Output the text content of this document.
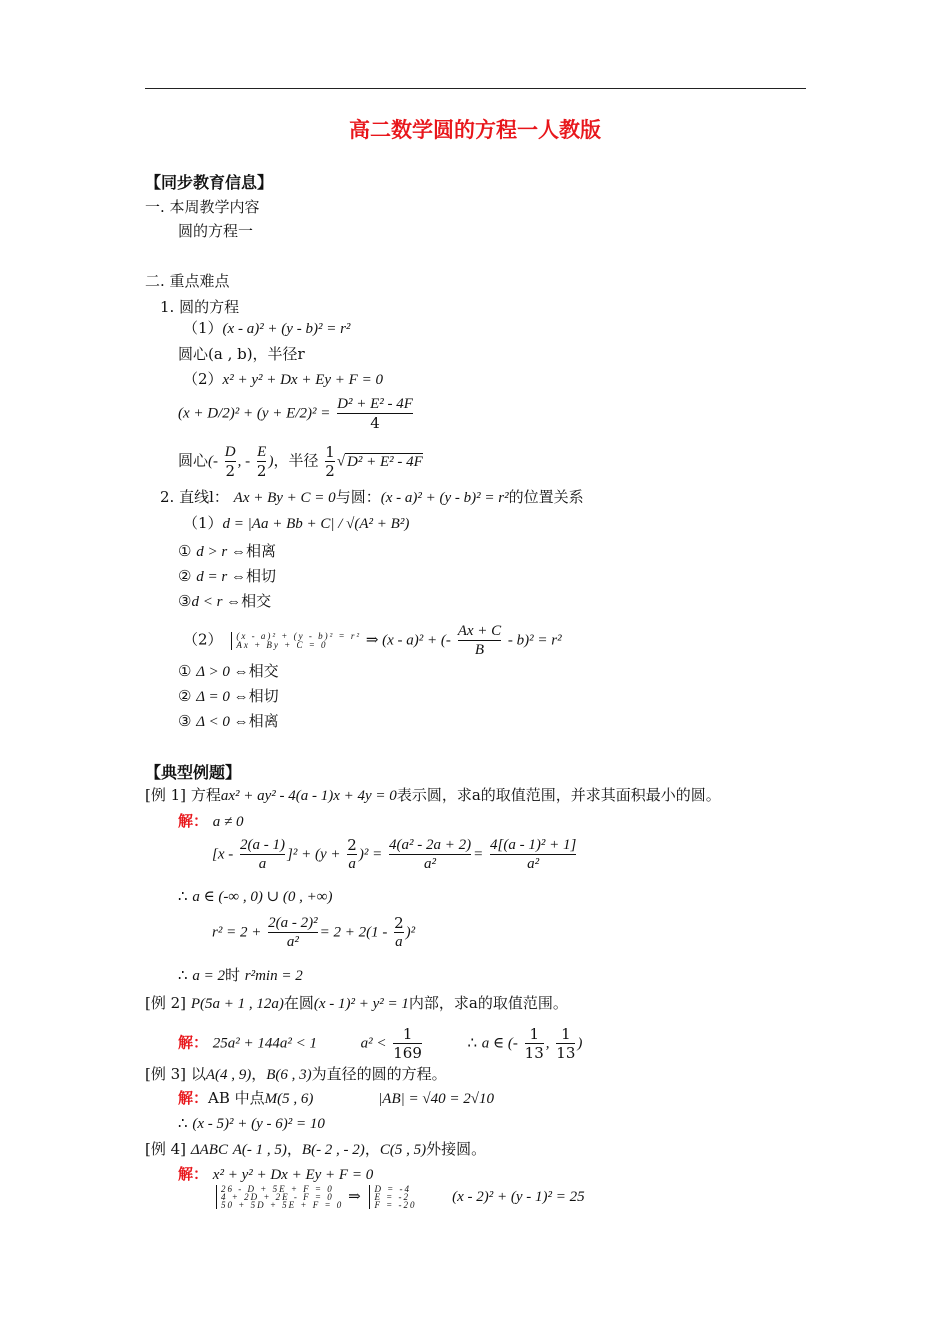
高二数学圆的方程一人教版
【同步教育信息】
一. 本周教学内容
圆的方程一
二. 重点难点
1. 圆的方程
（1）(x - a)² + (y - b)² = r²
圆心(a , b)，半径r
（2）x² + y² + Dx + Ey + F = 0
$(x + D/2)^2 + (y + E/2)^2 = \frac{\text{D² + E² - 4F}}{4}$
圆心(- $\frac{D}{2}$ , - $\frac{E}{2}$ )，半径 $\frac{1}{2}$ √ D² + E² - 4F
2. 直线l： Ax + By + C = 0与圆：(x - a)² + (y - b)² = r²的位置关系
（1）d = |Aa + Bb + C| / √(A² + B²)
① d > r ⇔相离
② d = r ⇔相切
③d < r ⇔相交
（2） (x - a)² + (y - b)² = r²
Ax + By + C = 0	⇒ (x - a)² + (- $\frac{Ax + C}{B} - b)^2 = r^2$
① Δ > 0 ⇔相交
② Δ = 0 ⇔相切
③ Δ < 0 ⇔相离
【典型例题】
[例 1] 方程ax² + ay² - 4(a - 1)x + 4y = 0表示圆，求a的取值范围，并求其面积最小的圆。
解： a ≠ 0
$[x - \frac{2(a - 1)}{a} ]^2 + (y + \frac{2}{a} )^2 = \frac{\text{4(a² - 2a + 2)}}{\text{a²}} = \frac{\text{4[(a - 1)² + 1]}}{\text{a²}}$
∴ a ∈ (-∞ , 0) ∪ (0 , +∞)
$r^2 = 2 + \frac{\text{2(a - 2)²}}{\text{a²}} = 2 + 2(1 - \frac{2}{a} )^2$
∴ a = 2时 r²min = 2
[例 2] P(5a + 1 , 12a)在圆(x - 1)² + y² = 1内部，求a的取值范围。
解： 25a² + 144a² < 1	$a^2 < \frac{1}{169}$	∴ a ∈ (- $\frac{1}{13}$ , $\frac{1}{13}$ )
[例 3] 以A(4 , 9)，B(6 , 3)为直径的圆的方程。
解：AB 中点M(5 , 6)	|AB| = √40 = 2√10
∴ (x - 5)² + (y - 6)² = 10
[例 4] ΔABC A(- 1 , 5)，B(- 2 , - 2)，C(5 , 5)外接圆。
解： x² + y² + Dx + Ey + F = 0
26 - D + 5E + F = 0
4 + 2D + 2E - F = 0
50 + 5D + 5E + F = 0 ⇒ D = -4
E = -2
F = -20 (x - 2)² + (y - 1)² = 25
